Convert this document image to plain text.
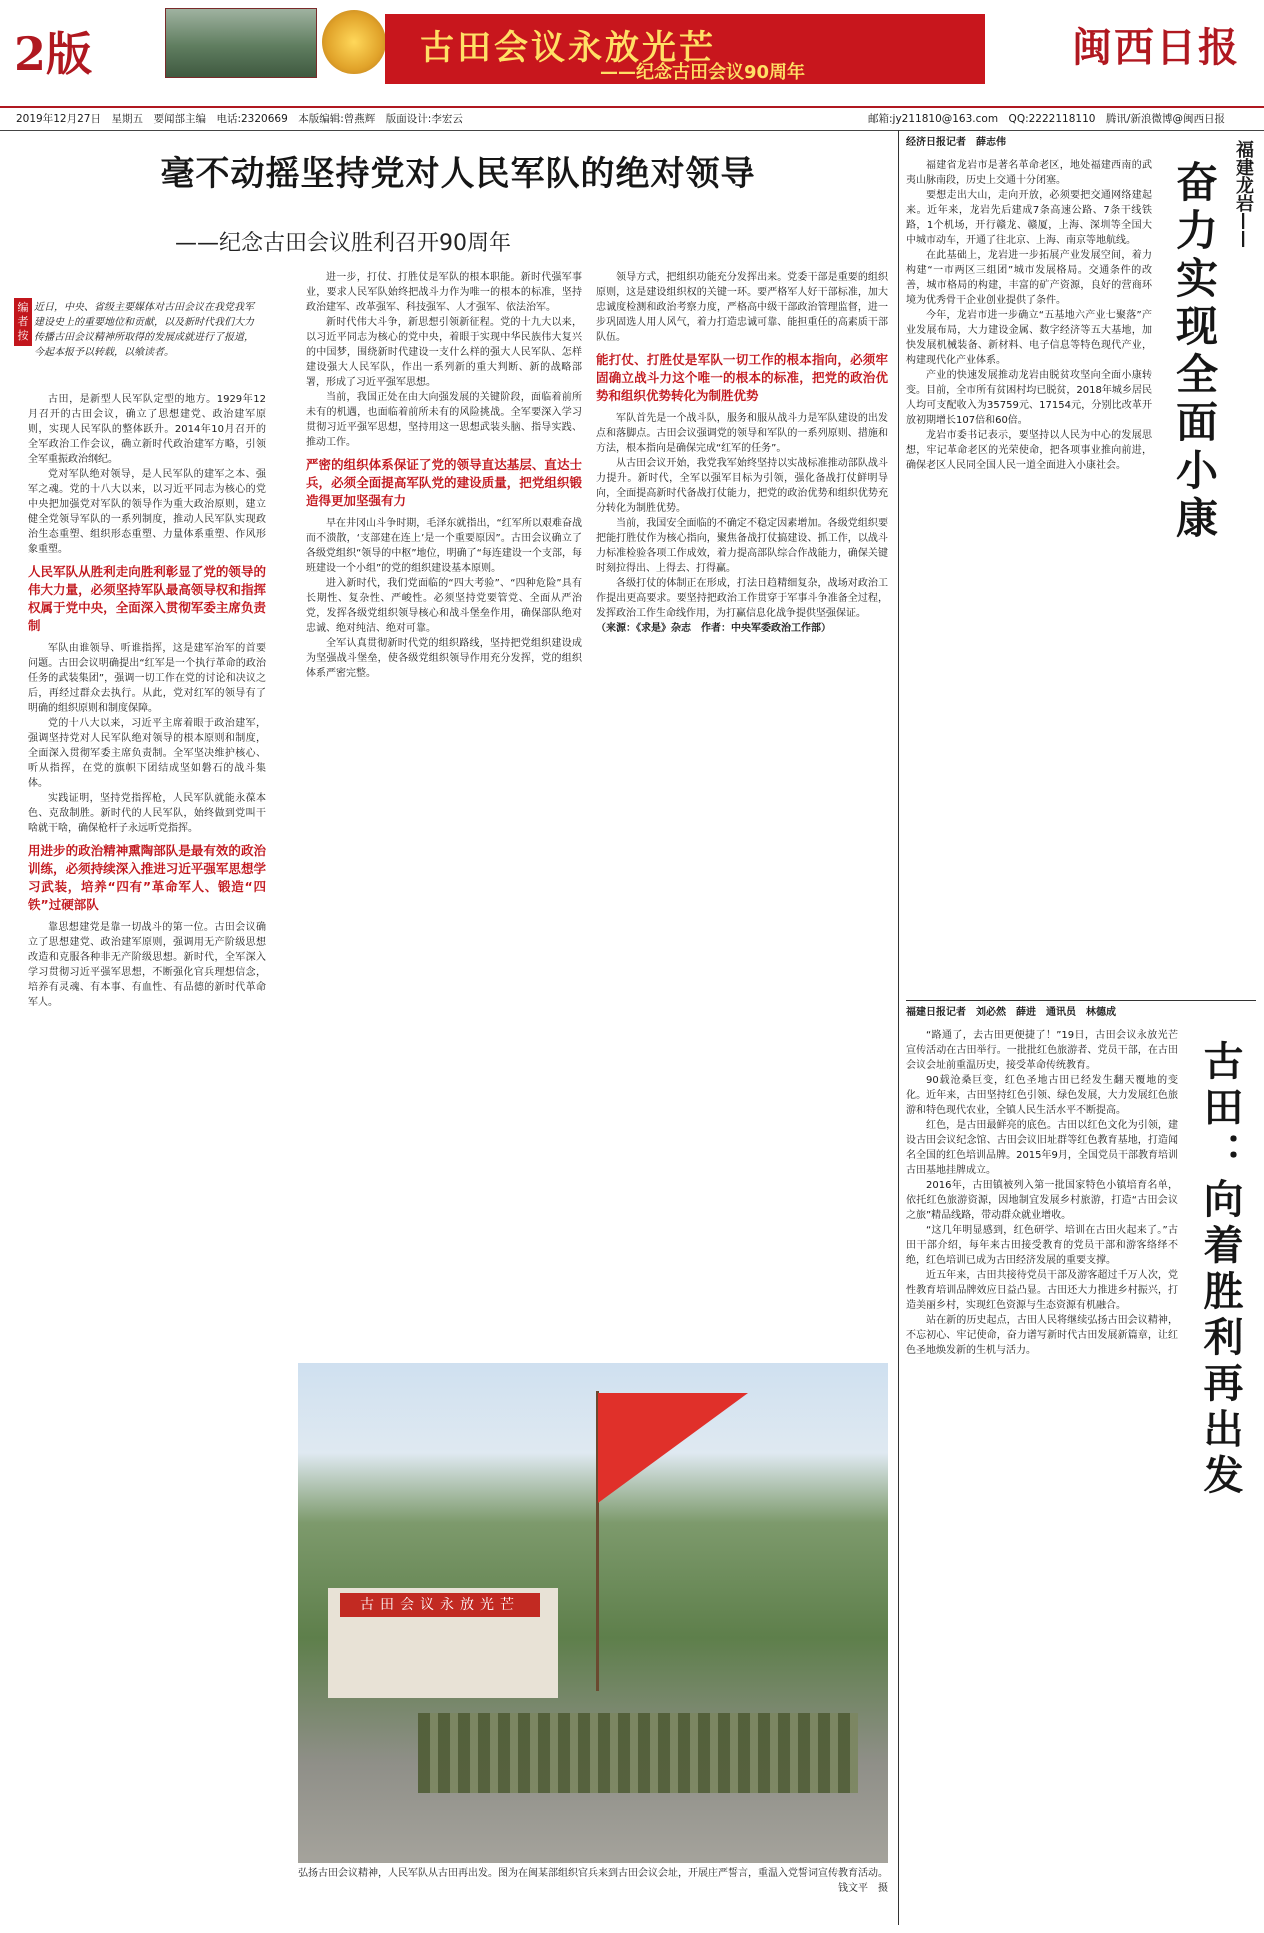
2版	古田会议永放光芒
——纪念古田会议90周年
闽西日报
2019年12月27日　星期五　要闻部主编　电话:2320669　本版编辑:曾燕辉　版面设计:李宏云	邮箱:jy211810@163.com　QQ:2222118110　腾讯/新浪微博@闽西日报
毫不动摇坚持党对人民军队的绝对领导
——纪念古田会议胜利召开90周年
编者按
近日，中央、省级主要媒体对古田会议在我党我军建设史上的重要地位和贡献，以及新时代我们大力传播古田会议精神所取得的发展成就进行了报道，今起本报予以转载，以飨读者。

古田，是新型人民军队定型的地方。1929年12月召开的古田会议，确立了思想建党、政治建军原则，实现人民军队的整体跃升。2014年10月召开的全军政治工作会议，确立新时代政治建军方略，引领全军重振政治纲纪。

党对军队绝对领导，是人民军队的建军之本、强军之魂。党的十八大以来，以习近平同志为核心的党中央把加强党对军队的领导作为重大政治原则，建立健全党领导军队的一系列制度，推动人民军队实现政治生态重塑、组织形态重塑、力量体系重塑、作风形象重塑。

人民军队从胜利走向胜利彰显了党的领导的伟大力量，必须坚持军队最高领导权和指挥权属于党中央，全面深入贯彻军委主席负责制

军队由谁领导、听谁指挥，这是建军治军的首要问题。古田会议明确提出“红军是一个执行革命的政治任务的武装集团”，强调一切工作在党的讨论和决议之后，再经过群众去执行。从此，党对红军的领导有了明确的组织原则和制度保障。

党的十八大以来，习近平主席着眼于政治建军，强调坚持党对人民军队绝对领导的根本原则和制度，全面深入贯彻军委主席负责制。全军坚决维护核心、听从指挥，在党的旗帜下团结成坚如磐石的战斗集体。

实践证明，坚持党指挥枪，人民军队就能永葆本色、克敌制胜。新时代的人民军队，始终做到党叫干啥就干啥，确保枪杆子永远听党指挥。

用进步的政治精神熏陶部队是最有效的政治训练，必须持续深入推进习近平强军思想学习武装，培养“四有”革命军人、锻造“四铁”过硬部队

靠思想建党是靠一切战斗的第一位。古田会议确立了思想建党、政治建军原则，强调用无产阶级思想改造和克服各种非无产阶级思想。新时代，全军深入学习贯彻习近平强军思想，不断强化官兵理想信念，培养有灵魂、有本事、有血性、有品德的新时代革命军人。

进一步，打仗、打胜仗是军队的根本职能。新时代强军事业，要求人民军队始终把战斗力作为唯一的根本的标准，坚持政治建军、改革强军、科技强军、人才强军、依法治军。

新时代伟大斗争，新思想引领新征程。党的十九大以来，以习近平同志为核心的党中央，着眼于实现中华民族伟大复兴的中国梦，围绕新时代建设一支什么样的强大人民军队、怎样建设强大人民军队，作出一系列新的重大判断、新的战略部署，形成了习近平强军思想。

当前，我国正处在由大向强发展的关键阶段，面临着前所未有的机遇，也面临着前所未有的风险挑战。全军要深入学习贯彻习近平强军思想，坚持用这一思想武装头脑、指导实践、推动工作。

严密的组织体系保证了党的领导直达基层、直达士兵，必须全面提高军队党的建设质量，把党组织锻造得更加坚强有力

早在井冈山斗争时期，毛泽东就指出，“红军所以艰难奋战而不溃散，‘支部建在连上’是一个重要原因”。古田会议确立了各级党组织“领导的中枢”地位，明确了“每连建设一个支部，每班建设一个小组”的党的组织建设基本原则。

进入新时代，我们党面临的“四大考验”、“四种危险”具有长期性、复杂性、严峻性。必须坚持党要管党、全面从严治党，发挥各级党组织领导核心和战斗堡垒作用，确保部队绝对忠诚、绝对纯洁、绝对可靠。

全军认真贯彻新时代党的组织路线，坚持把党组织建设成为坚强战斗堡垒，使各级党组织领导作用充分发挥，党的组织体系严密完整。

领导方式，把组织功能充分发挥出来。党委干部是重要的组织原则，这是建设组织权的关键一环。要严格军人好干部标准，加大忠诚度检测和政治考察力度，严格高中级干部政治管理监督，进一步巩固选人用人风气，着力打造忠诚可靠、能担重任的高素质干部队伍。

能打仗、打胜仗是军队一切工作的根本指向，必须牢固确立战斗力这个唯一的根本的标准，把党的政治优势和组织优势转化为制胜优势

军队首先是一个战斗队，服务和服从战斗力是军队建设的出发点和落脚点。古田会议强调党的领导和军队的一系列原则、措施和方法，根本指向是确保完成“红军的任务”。

从古田会议开始，我党我军始终坚持以实战标准推动部队战斗力提升。新时代，全军以强军目标为引领，强化备战打仗鲜明导向，全面提高新时代备战打仗能力，把党的政治优势和组织优势充分转化为制胜优势。

当前，我国安全面临的不确定不稳定因素增加。各级党组织要把能打胜仗作为核心指向，聚焦备战打仗搞建设、抓工作，以战斗力标准检验各项工作成效，着力提高部队综合作战能力，确保关键时刻拉得出、上得去、打得赢。

各级打仗的体制正在形成，打法日趋精细复杂，战场对政治工作提出更高要求。要坚持把政治工作贯穿于军事斗争准备全过程，发挥政治工作生命线作用，为打赢信息化战争提供坚强保证。

（来源：《求是》杂志　作者：中央军委政治工作部）

古田会议永放光芒
弘扬古田会议精神，人民军队从古田再出发。图为在闽某部组织官兵来到古田会议会址，开展庄严誓言，重温入党誓词宣传教育活动。
钱文平　摄
经济日报记者　薛志伟	福建龙岩——
奋力实现全面小康

福建省龙岩市是著名革命老区，地处福建西南的武夷山脉南段，历史上交通十分闭塞。

要想走出大山，走向开放，必须要把交通网络建起来。近年来，龙岩先后建成7条高速公路、7条干线铁路，1个机场，开行赣龙、赣厦，上海、深圳等全国大中城市动车，开通了往北京、上海、南京等地航线。

在此基础上，龙岩进一步拓展产业发展空间，着力构建“一市两区三组团”城市发展格局。交通条件的改善，城市格局的构建，丰富的矿产资源，良好的营商环境为优秀骨干企业创业提供了条件。

今年，龙岩市进一步确立“五基地六产业七聚落”产业发展布局，大力建设金属、数字经济等五大基地，加快发展机械装备、新材料、电子信息等特色现代产业，构建现代化产业体系。

产业的快速发展推动龙岩由脱贫攻坚向全面小康转变。目前，全市所有贫困村均已脱贫，2018年城乡居民人均可支配收入为35759元、17154元，分别比改革开放初期增长107倍和60倍。

龙岩市委书记表示，要坚持以人民为中心的发展思想，牢记革命老区的光荣使命，把各项事业推向前进，确保老区人民同全国人民一道全面进入小康社会。

福建日报记者　刘必然　薛进　通讯员　林德成
古田：向着胜利再出发

“路通了，去古田更便捷了！”19日，古田会议永放光芒宣传活动在古田举行。一批批红色旅游者、党员干部，在古田会议会址前重温历史，接受革命传统教育。

90载沧桑巨变，红色圣地古田已经发生翻天覆地的变化。近年来，古田坚持红色引领、绿色发展，大力发展红色旅游和特色现代农业，全镇人民生活水平不断提高。

红色，是古田最鲜亮的底色。古田以红色文化为引领，建设古田会议纪念馆、古田会议旧址群等红色教育基地，打造闻名全国的红色培训品牌。2015年9月，全国党员干部教育培训古田基地挂牌成立。

2016年，古田镇被列入第一批国家特色小镇培育名单，依托红色旅游资源，因地制宜发展乡村旅游，打造“古田会议之旅”精品线路，带动群众就业增收。

“这几年明显感到，红色研学、培训在古田火起来了。”古田干部介绍，每年来古田接受教育的党员干部和游客络绎不绝，红色培训已成为古田经济发展的重要支撑。

近五年来，古田共接待党员干部及游客超过千万人次，党性教育培训品牌效应日益凸显。古田还大力推进乡村振兴，打造美丽乡村，实现红色资源与生态资源有机融合。

站在新的历史起点，古田人民将继续弘扬古田会议精神，不忘初心、牢记使命，奋力谱写新时代古田发展新篇章，让红色圣地焕发新的生机与活力。
